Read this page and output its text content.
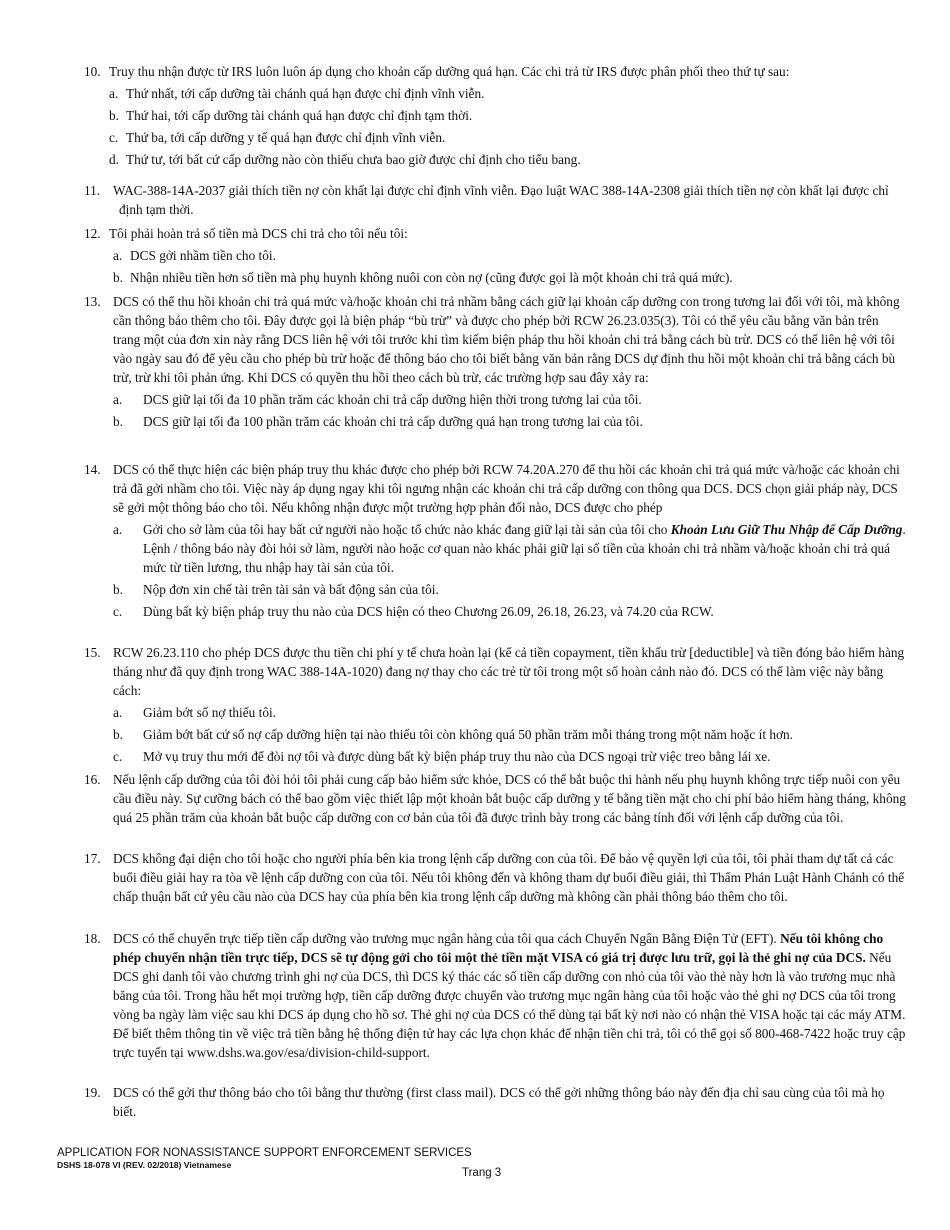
10. Truy thu nhận được từ IRS luôn luôn áp dụng cho khoản cấp dưỡng quá hạn. Các chi trả từ IRS được phân phối theo thứ tự sau:
a. Thứ nhất, tới cấp dưỡng tài chánh quá hạn được chỉ định vĩnh viễn.
b. Thứ hai, tới cấp dưỡng tài chánh quá hạn được chỉ định tạm thời.
c. Thứ ba, tới cấp dưỡng y tế quá hạn được chỉ định vĩnh viễn.
d. Thứ tư, tới bất cứ cấp dưỡng nào còn thiếu chưa bao giờ được chỉ định cho tiểu bang.
11. WAC-388-14A-2037 giải thích tiền nợ còn khất lại được chỉ định vĩnh viễn. Đạo luật WAC 388-14A-2308 giải thích tiền nợ còn khất lại được chỉ định tạm thời.
12. Tôi phải hoàn trả số tiền mà DCS chi trả cho tôi nếu tôi:
a. DCS gởi nhầm tiền cho tôi.
b. Nhận nhiều tiền hơn số tiền mà phụ huynh không nuôi con còn nợ (cũng được gọi là một khoản chi trả quá mức).
13. DCS có thể thu hồi khoản chi trả quá mức và/hoặc khoản chi trả nhầm bằng cách giữ lại khoản cấp dưỡng con trong tương lai đối với tôi, mà không cần thông báo thêm cho tôi. Đây được gọi là biện pháp “bù trừ” và được cho phép bởi RCW 26.23.035(3). Tôi có thể yêu cầu bằng văn bản trên trang một của đơn xin này rằng DCS liên hệ với tôi trước khi tìm kiếm biện pháp thu hồi khoản chi trả bằng cách bù trừ. DCS có thể liên hệ với tôi vào ngày sau đó để yêu cầu cho phép bù trừ hoặc để thông báo cho tôi biết bằng văn bản rằng DCS dự định thu hồi một khoản chi trả bằng cách bù trừ, trừ khi tôi phản ứng. Khi DCS có quyền thu hồi theo cách bù trừ, các trường hợp sau đây xảy ra:
a. DCS giữ lại tối đa 10 phần trăm các khoản chi trả cấp dưỡng hiện thời trong tương lai của tôi.
b. DCS giữ lại tối đa 100 phần trăm các khoản chi trả cấp dưỡng quá hạn trong tương lai của tôi.
14. DCS có thể thực hiện các biện pháp truy thu khác được cho phép bởi RCW 74.20A.270 để thu hồi các khoản chi trả quá mức và/hoặc các khoản chi trả đã gởi nhầm cho tôi. Việc này áp dụng ngay khi tôi ngưng nhận các khoản chi trả cấp dưỡng con thông qua DCS. DCS chọn giải pháp này, DCS sẽ gởi một thông báo cho tôi. Nếu không nhận được một trường hợp phản đối nào, DCS được cho phép
a. Gởi cho sở làm của tôi hay bất cứ người nào hoặc tổ chức nào khác đang giữ lại tài sản của tôi cho Khoản Lưu Giữ Thu Nhập để Cấp Dưỡng. Lệnh / thông báo này đòi hỏi sở làm, người nào hoặc cơ quan nào khác phải giữ lại số tiền của khoản chi trả nhầm và/hoặc khoản chi trả quá mức từ tiền lương, thu nhập hay tài sản của tôi.
b. Nộp đơn xin chế tài trên tài sản và bất động sản của tôi.
c. Dùng bất kỳ biện pháp truy thu nào của DCS hiện có theo Chương 26.09, 26.18, 26.23, và 74.20 của RCW.
15. RCW 26.23.110 cho phép DCS được thu tiền chi phí y tế chưa hoàn lại (kể cả tiền copayment, tiền khấu trừ [deductible] và tiền đóng bảo hiểm hàng tháng như đã quy định trong WAC 388-14A-1020) đang nợ thay cho các trẻ từ tôi trong một số hoàn cảnh nào đó. DCS có thể làm việc này bằng cách:
a. Giảm bớt số nợ thiếu tôi.
b. Giảm bớt bất cứ số nợ cấp dưỡng hiện tại nào thiếu tôi còn không quá 50 phần trăm mỗi tháng trong một năm hoặc ít hơn.
c. Mở vụ truy thu mới để đòi nợ tôi và được dùng bất kỳ biện pháp truy thu nào của DCS ngoại trừ việc treo bằng lái xe.
16. Nếu lệnh cấp dưỡng của tôi đòi hỏi tôi phải cung cấp bảo hiểm sức khỏe, DCS có thể bắt buộc thi hành nếu phụ huynh không trực tiếp nuôi con yêu cầu điều này. Sự cưỡng bách có thể bao gồm việc thiết lập một khoản bắt buộc cấp dưỡng y tế bằng tiền mặt cho chi phí bảo hiểm hàng tháng, không quá 25 phần trăm của khoản bắt buộc cấp dưỡng con cơ bản của tôi đã được trình bày trong các bảng tính đối với lệnh cấp dưỡng của tôi.
17. DCS không đại diện cho tôi hoặc cho người phía bên kia trong lệnh cấp dưỡng con của tôi. Để bảo vệ quyền lợi của tôi, tôi phải tham dự tất cả các buổi điều giải hay ra tòa về lệnh cấp dưỡng con của tôi. Nếu tôi không đến và không tham dự buổi điều giải, thì Thẩm Phán Luật Hành Chánh có thể chấp thuận bất cứ yêu cầu nào của DCS hay của phía bên kia trong lệnh cấp dưỡng mà không cần phải thông báo thêm cho tôi.
18. DCS có thể chuyển trực tiếp tiền cấp dưỡng vào trương mục ngân hàng của tôi qua cách Chuyển Ngân Bằng Điện Tử (EFT). Nếu tôi không cho phép chuyển nhận tiền trực tiếp, DCS sẽ tự động gởi cho tôi một thẻ tiền mặt VISA có giá trị được lưu trữ, gọi là thẻ ghi nợ của DCS. Nếu DCS ghi danh tôi vào chương trình ghi nợ của DCS, thì DCS ký thác các số tiền cấp dưỡng con nhỏ của tôi vào thẻ này hơn là vào trương mục nhà băng của tôi. Trong hầu hết mọi trường hợp, tiền cấp dưỡng được chuyển vào trương mục ngân hàng của tôi hoặc vào thẻ ghi nợ DCS của tôi trong vòng ba ngày làm việc sau khi DCS áp dụng cho hồ sơ. Thẻ ghi nợ của DCS có thể dùng tại bất kỳ nơi nào có nhận thẻ VISA hoặc tại các máy ATM. Để biết thêm thông tin về việc trả tiền bằng hệ thống điện tử hay các lựa chọn khác để nhận tiền chi trả, tôi có thể gọi số 800-468-7422 hoặc truy cập trực tuyến tại www.dshs.wa.gov/esa/division-child-support.
19. DCS có thể gởi thư thông báo cho tôi bằng thư thường (first class mail). DCS có thể gởi những thông báo này đến địa chỉ sau cùng của tôi mà họ biết.
APPLICATION FOR NONASSISTANCE SUPPORT ENFORCEMENT SERVICES
DSHS 18-078 VI (REV. 02/2018) Vietnamese
Trang 3
